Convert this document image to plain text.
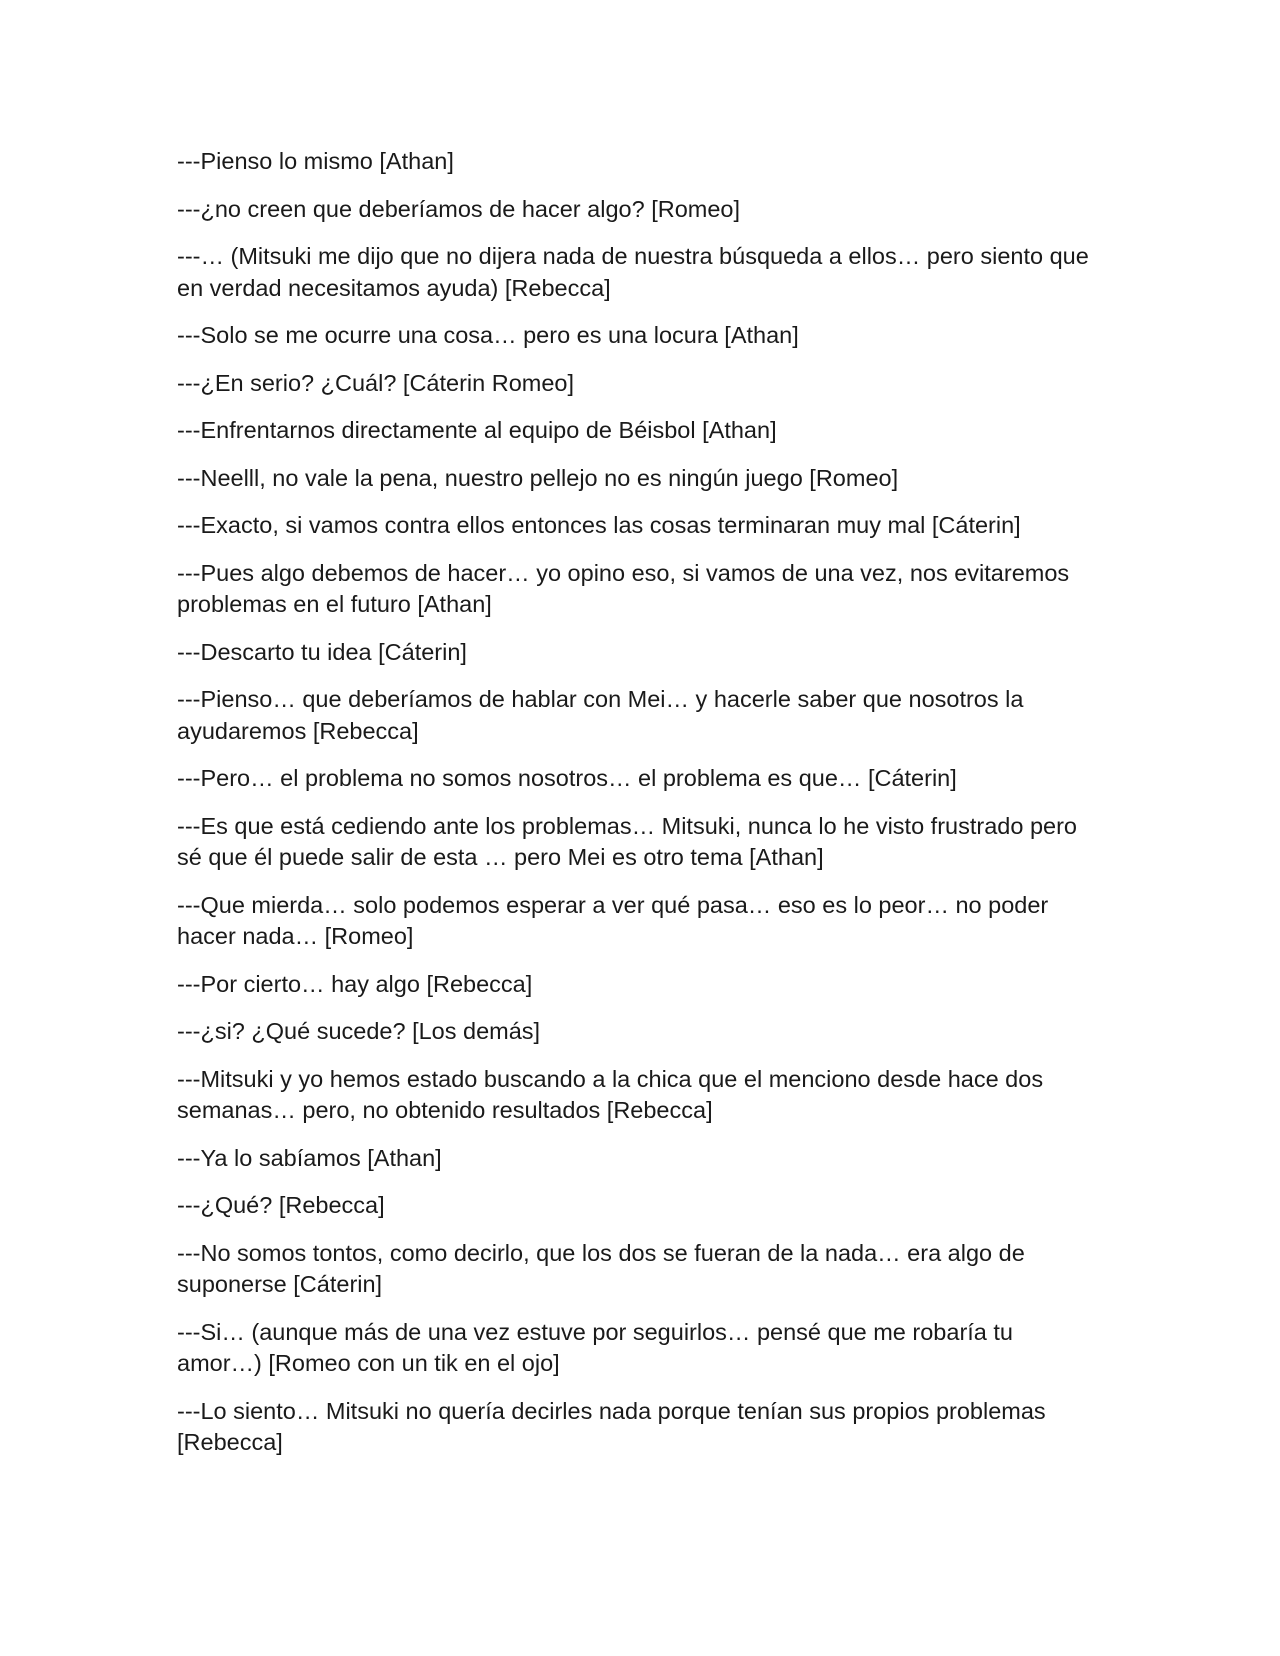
---Pienso lo mismo [Athan]

---¿no creen que deberíamos de hacer algo? [Romeo]

---… (Mitsuki me dijo que no dijera nada de nuestra búsqueda a ellos… pero siento que en verdad necesitamos ayuda) [Rebecca]

---Solo se me ocurre una cosa… pero es una locura [Athan]

---¿En serio? ¿Cuál? [Cáterin Romeo]

---Enfrentarnos directamente al equipo de Béisbol [Athan]

---Neelll, no vale la pena, nuestro pellejo no es ningún juego [Romeo]

---Exacto, si vamos contra ellos entonces las cosas terminaran muy mal [Cáterin]

---Pues algo debemos de hacer… yo opino eso, si vamos de una vez, nos evitaremos problemas en el futuro [Athan]

---Descarto tu idea [Cáterin]

---Pienso… que deberíamos de hablar con Mei… y hacerle saber que nosotros la ayudaremos [Rebecca]

---Pero… el problema no somos nosotros… el problema es que… [Cáterin]

---Es que está cediendo ante los problemas… Mitsuki, nunca lo he visto frustrado pero sé que él puede salir de esta … pero Mei es otro tema [Athan]

---Que mierda… solo podemos esperar a ver qué pasa… eso es lo peor… no poder hacer nada… [Romeo]

---Por cierto… hay algo [Rebecca]

---¿si? ¿Qué sucede? [Los demás]

---Mitsuki y yo hemos estado buscando a la chica que el menciono desde hace dos semanas… pero, no obtenido resultados [Rebecca]

---Ya lo sabíamos [Athan]

---¿Qué? [Rebecca]

---No somos tontos, como decirlo, que los dos se fueran de la nada… era algo de suponerse [Cáterin]

---Si… (aunque más de una vez estuve por seguirlos… pensé que me robaría tu amor…) [Romeo con un tik en el ojo]

---Lo siento… Mitsuki no quería decirles nada porque tenían sus propios problemas [Rebecca]
